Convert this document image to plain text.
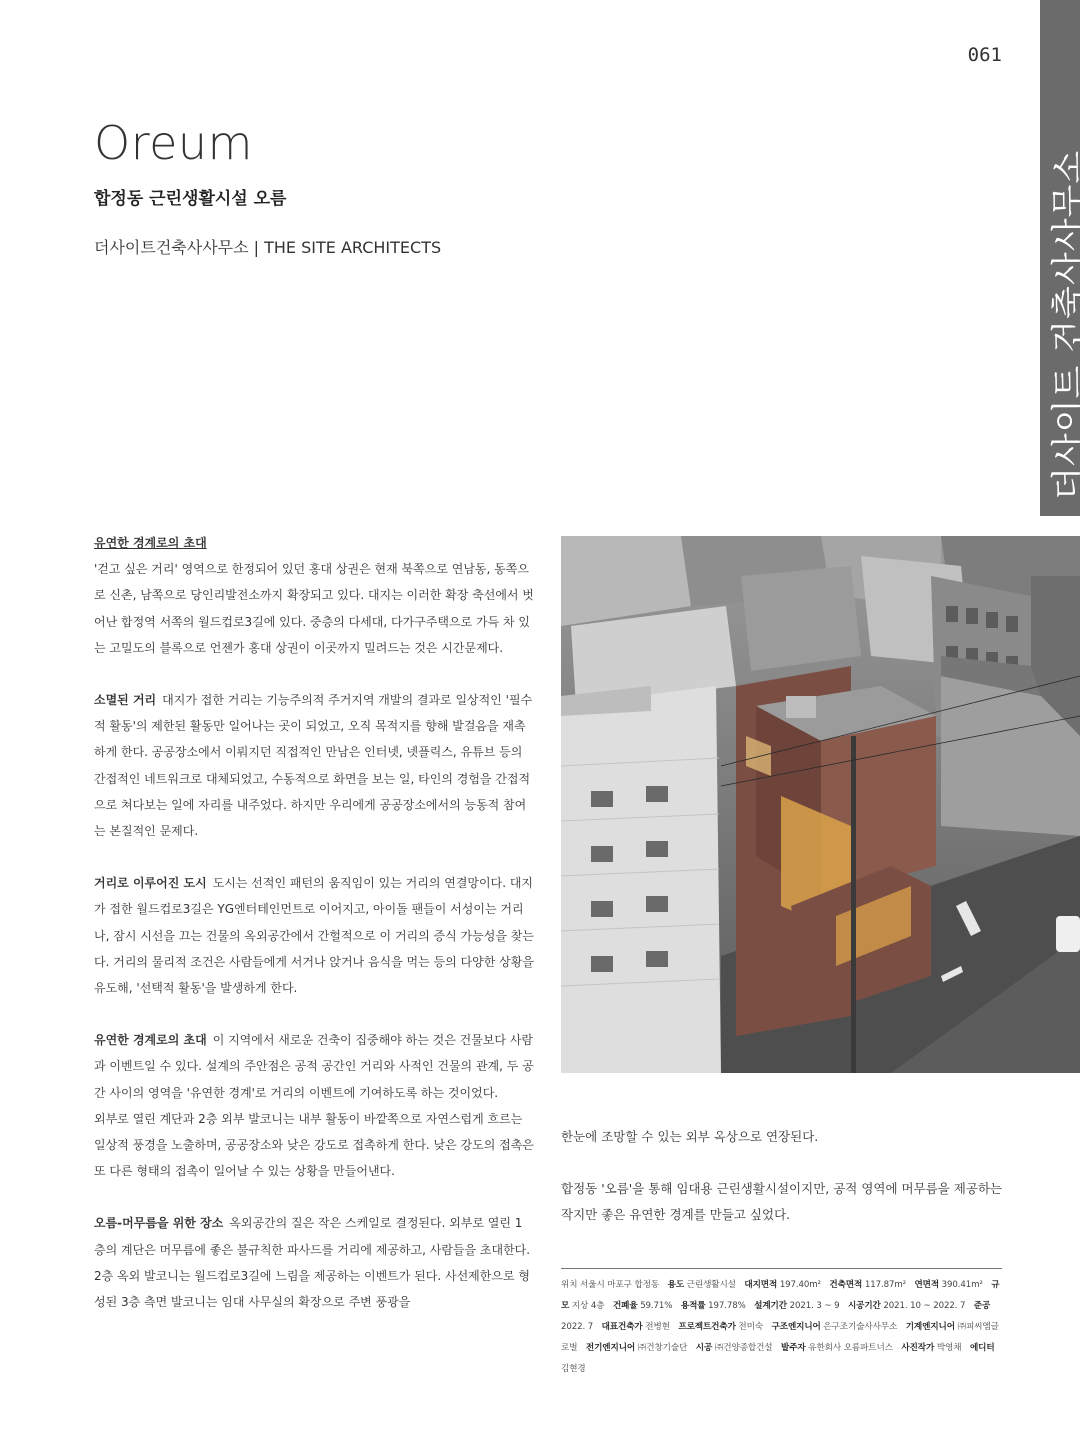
061
더사이트 건축사사무소
Oreum
합정동 근린생활시설 오름
더사이트건축사사무소 | THE SITE ARCHITECTS

유연한 경계로의 초대
'걷고 싶은 거리' 영역으로 한정되어 있던 홍대 상권은 현재 북쪽으로 연남동, 동쪽으로 신촌, 남쪽으로 당인리발전소까지 확장되고 있다. 대지는 이러한 확장 축선에서 벗어난 합정역 서쪽의 월드컵로3길에 있다. 중층의 다세대, 다가구주택으로 가득 차 있는 고밀도의 블록으로 언젠가 홍대 상권이 이곳까지 밀려드는 것은 시간문제다.

소멸된 거리 대지가 접한 거리는 기능주의적 주거지역 개발의 결과로 일상적인 '필수적 활동'의 제한된 활동만 일어나는 곳이 되었고, 오직 목적지를 향해 발걸음을 재촉하게 한다. 공공장소에서 이뤄지던 직접적인 만남은 인터넷, 넷플릭스, 유튜브 등의 간접적인 네트워크로 대체되었고, 수동적으로 화면을 보는 일, 타인의 경험을 간접적으로 쳐다보는 일에 자리를 내주었다. 하지만 우리에게 공공장소에서의 능동적 참여는 본질적인 문제다.

거리로 이루어진 도시 도시는 선적인 패턴의 움직임이 있는 거리의 연결망이다. 대지가 접한 월드컵로3길은 YG엔터테인먼트로 이어지고, 아이돌 팬들이 서성이는 거리나, 잠시 시선을 끄는 건물의 옥외공간에서 간헐적으로 이 거리의 증식 가능성을 찾는다. 거리의 물리적 조건은 사람들에게 서거나 앉거나 음식을 먹는 등의 다양한 상황을 유도해, '선택적 활동'을 발생하게 한다.

유연한 경계로의 초대 이 지역에서 새로운 건축이 집중해야 하는 것은 건물보다 사람과 이벤트일 수 있다. 설계의 주안점은 공적 공간인 거리와 사적인 건물의 관계, 두 공간 사이의 영역을 '유연한 경계'로 거리의 이벤트에 기여하도록 하는 것이었다.

외부로 열린 계단과 2층 외부 발코니는 내부 활동이 바깥쪽으로 자연스럽게 흐르는 일상적 풍경을 노출하며, 공공장소와 낮은 강도로 접촉하게 한다. 낮은 강도의 접촉은 또 다른 형태의 접촉이 일어날 수 있는 상황을 만들어낸다.

오름-머무름을 위한 장소 옥외공간의 질은 작은 스케일로 결정된다. 외부로 열린 1층의 계단은 머무름에 좋은 불규칙한 파사드를 거리에 제공하고, 사람들을 초대한다. 2층 옥외 발코니는 월드컵로3길에 느림을 제공하는 이벤트가 된다. 사선제한으로 형성된 3층 측면 발코니는 임대 사무실의 확장으로 주변 풍광을

한눈에 조망할 수 있는 외부 옥상으로 연장된다.

합정동 '오름'을 통해 임대용 근린생활시설이지만, 공적 영역에 머무름을 제공하는 작지만 좋은 유연한 경계를 만들고 싶었다.

위치 서울시 마포구 합정동  용도 근린생활시설  대지면적 197.40m²  건축면적 117.87m²  연면적 390.41m²  규모 지상 4층  건폐율 59.71%  용적률 197.78%  설계기간 2021. 3 ~ 9  시공기간 2021. 10 ~ 2022. 7  준공 2022. 7  대표건축가 전병현  프로젝트건축가 전미숙  구조엔지니어 은구조기술사사무소  기계엔지니어 ㈜피씨엠글로벌  전기엔지니어 ㈜건창기술단  시공 ㈜건양종합건설  발주자 유한회사 오름파트너스  사진작가 박영채  에디터 김현경 
